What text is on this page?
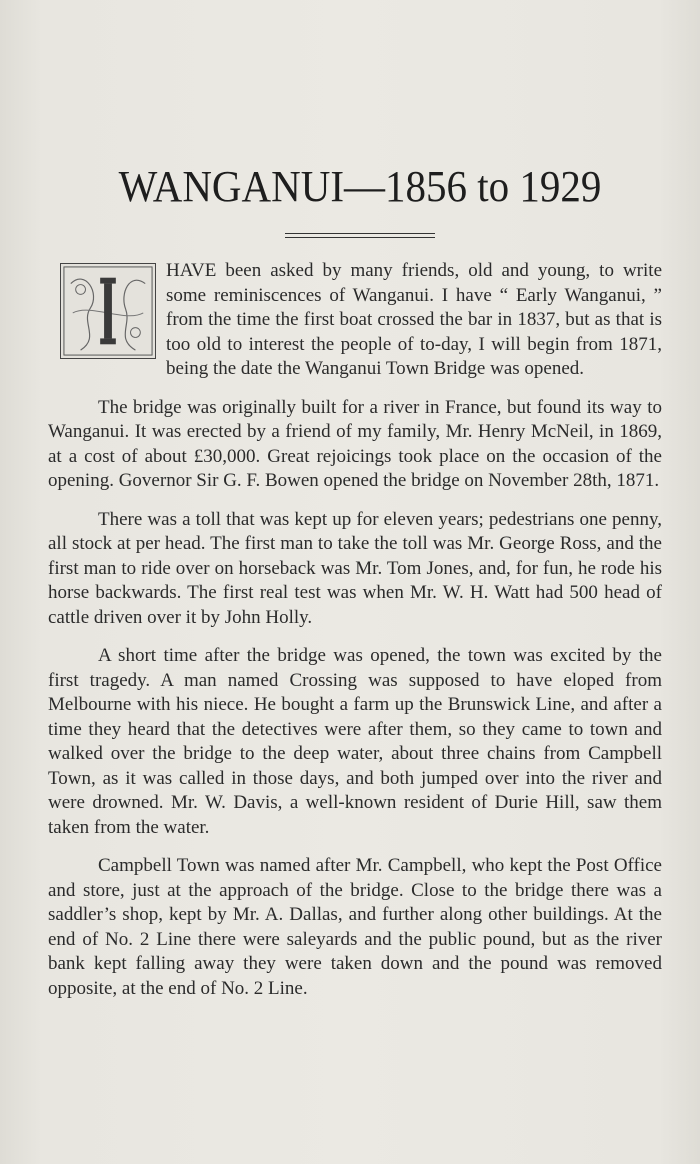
WANGANUI—1856 to 1929

HAVE been asked by many friends, old and young, to write some reminiscences of Wanganui. I have “ Early Wanganui, ” from the time the first boat crossed the bar in 1837, but as that is too old to interest the people of to-day, I will begin from 1871, being the date the Wanganui Town Bridge was opened.

The bridge was originally built for a river in France, but found its way to Wanganui. It was erected by a friend of my family, Mr. Henry McNeil, in 1869, at a cost of about £30,000. Great rejoicings took place on the occasion of the opening. Governor Sir G. F. Bowen opened the bridge on November 28th, 1871.

There was a toll that was kept up for eleven years; pedestrians one penny, all stock at per head. The first man to take the toll was Mr. George Ross, and the first man to ride over on horseback was Mr. Tom Jones, and, for fun, he rode his horse backwards. The first real test was when Mr. W. H. Watt had 500 head of cattle driven over it by John Holly.

A short time after the bridge was opened, the town was excited by the first tragedy. A man named Crossing was supposed to have eloped from Melbourne with his niece. He bought a farm up the Brunswick Line, and after a time they heard that the detectives were after them, so they came to town and walked over the bridge to the deep water, about three chains from Campbell Town, as it was called in those days, and both jumped over into the river and were drowned. Mr. W. Davis, a well-known resident of Durie Hill, saw them taken from the water.

Campbell Town was named after Mr. Campbell, who kept the Post Office and store, just at the approach of the bridge. Close to the bridge there was a saddler’s shop, kept by Mr. A. Dallas, and further along other buildings. At the end of No. 2 Line there were saleyards and the public pound, but as the river bank kept falling away they were taken down and the pound was removed opposite, at the end of No. 2 Line.
